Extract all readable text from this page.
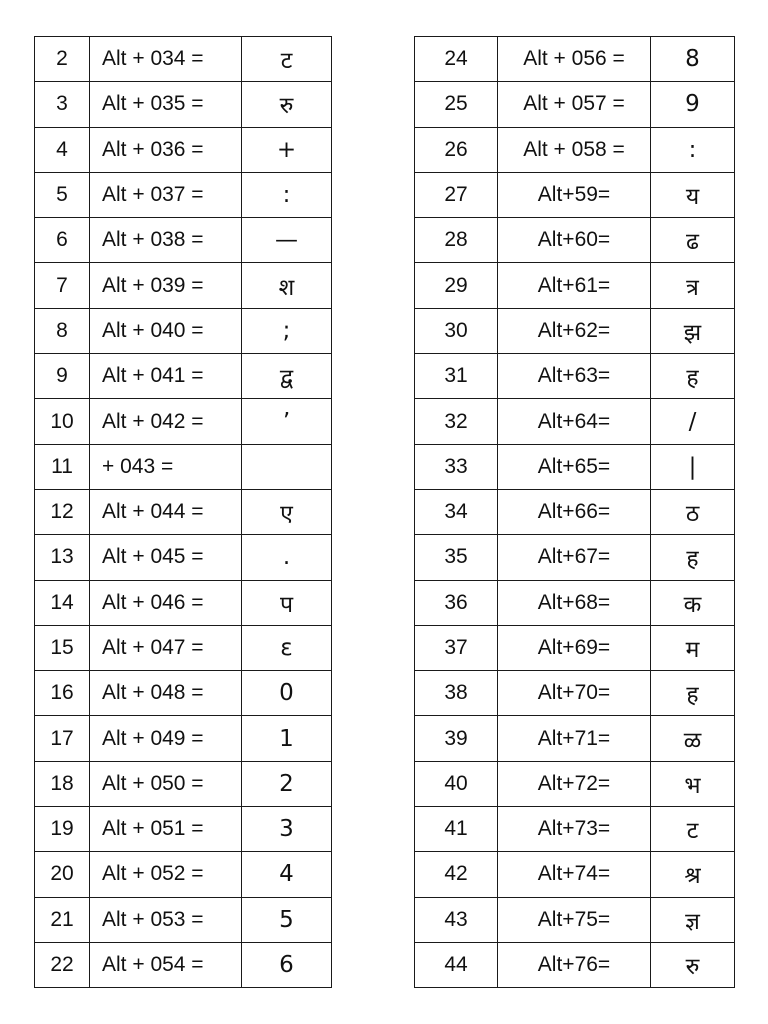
2	Alt + 034 =	ट		24	Alt + 056 =	8
3	Alt + 035 =	रु		25	Alt + 057 =	9
4	Alt + 036 =	+		26	Alt + 058 =	:
5	Alt + 037 =	:		27	Alt+59=	य
6	Alt + 038 =	—		28	Alt+60=	ढ
7	Alt + 039 =	श		29	Alt+61=	त्र
8	Alt + 040 =	;		30	Alt+62=	झ
9	Alt + 041 =	द्व		31	Alt+63=	ह
10	Alt + 042 =	’		32	Alt+64=	/
11	+ 043 =			33	Alt+65=	|
12	Alt + 044 =	ए		34	Alt+66=	ठ
13	Alt + 045 =	.		35	Alt+67=	ह
14	Alt + 046 =	प		36	Alt+68=	क
15	Alt + 047 =	ε		37	Alt+69=	म
16	Alt + 048 =	0		38	Alt+70=	ह
17	Alt + 049 =	1		39	Alt+71=	ळ
18	Alt + 050 =	2		40	Alt+72=	भ
19	Alt + 051 =	3		41	Alt+73=	ट
20	Alt + 052 =	4		42	Alt+74=	श्र
21	Alt + 053 =	5		43	Alt+75=	ज्ञ
22	Alt + 054 =	6		44	Alt+76=	रु
